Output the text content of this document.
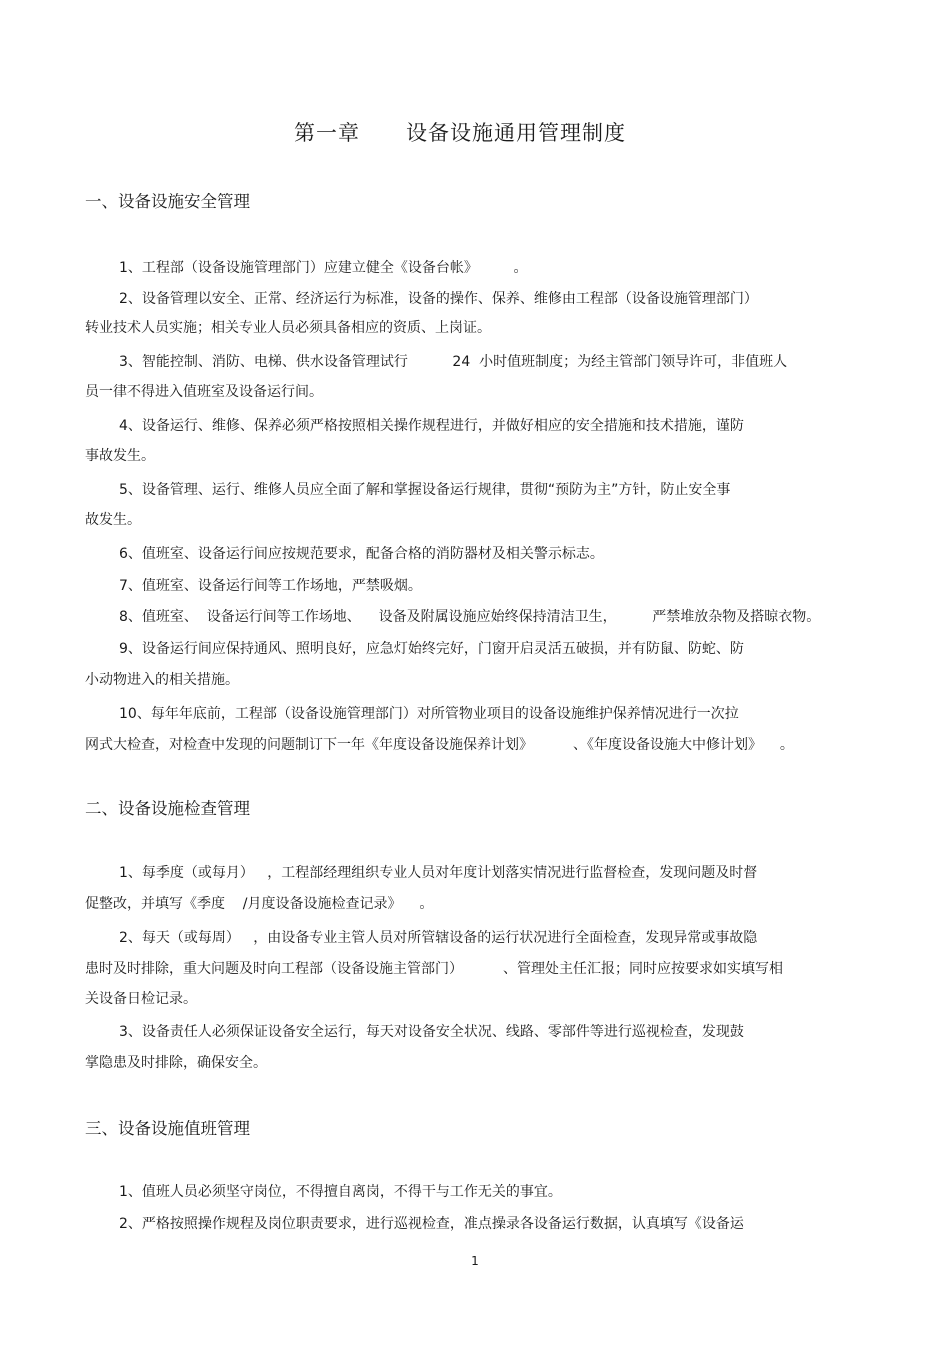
第一章      设备设施通用管理制度
一、设备设施安全管理
1、工程部（设备设施管理部门）应建立健全《设备台帐》        。
2、设备管理以安全、正常、经济运行为标准，设备的操作、保养、维修由工程部（设备设施管理部门）
转业技术人员实施；相关专业人员必须具备相应的资质、上岗证。
3、智能控制、消防、电梯、供水设备管理试行          24  小时值班制度；为经主管部门领导许可，非值班人
员一律不得进入值班室及设备运行间。
4、设备运行、维修、保养必须严格按照相关操作规程进行，并做好相应的安全措施和技术措施，谨防
事故发生。
5、设备管理、运行、维修人员应全面了解和掌握设备运行规律，贯彻“预防为主”方针，防止安全事
故发生。
6、值班室、设备运行间应按规范要求，配备合格的消防器材及相关警示标志。
7、值班室、设备运行间等工作场地，严禁吸烟。
8、值班室、  设备运行间等工作场地、    设备及附属设施应始终保持清洁卫生，        严禁堆放杂物及搭晾衣物。
9、设备运行间应保持通风、照明良好，应急灯始终完好，门窗开启灵活五破损，并有防鼠、防蛇、防
小动物进入的相关措施。
10、每年年底前，工程部（设备设施管理部门）对所管物业项目的设备设施维护保养情况进行一次拉
网式大检查，对检查中发现的问题制订下一年《年度设备设施保养计划》         、《年度设备设施大中修计划》    。
二、设备设施检查管理
1、每季度（或每月）   ，工程部经理组织专业人员对年度计划落实情况进行监督检查，发现问题及时督
促整改，并填写《季度    /月度设备设施检查记录》    。
2、每天（或每周）   ，由设备专业主管人员对所管辖设备的运行状况进行全面检查，发现异常或事故隐
患时及时排除，重大问题及时向工程部（设备设施主管部门）         、管理处主任汇报；同时应按要求如实填写相
关设备日检记录。
3、设备责任人必须保证设备安全运行，每天对设备安全状况、线路、零部件等进行巡视检查，发现鼓
掌隐患及时排除，确保安全。
三、设备设施值班管理
1、值班人员必须坚守岗位，不得擅自离岗，不得干与工作无关的事宜。
2、严格按照操作规程及岗位职责要求，进行巡视检查，准点操录各设备运行数据，认真填写《设备运
1
